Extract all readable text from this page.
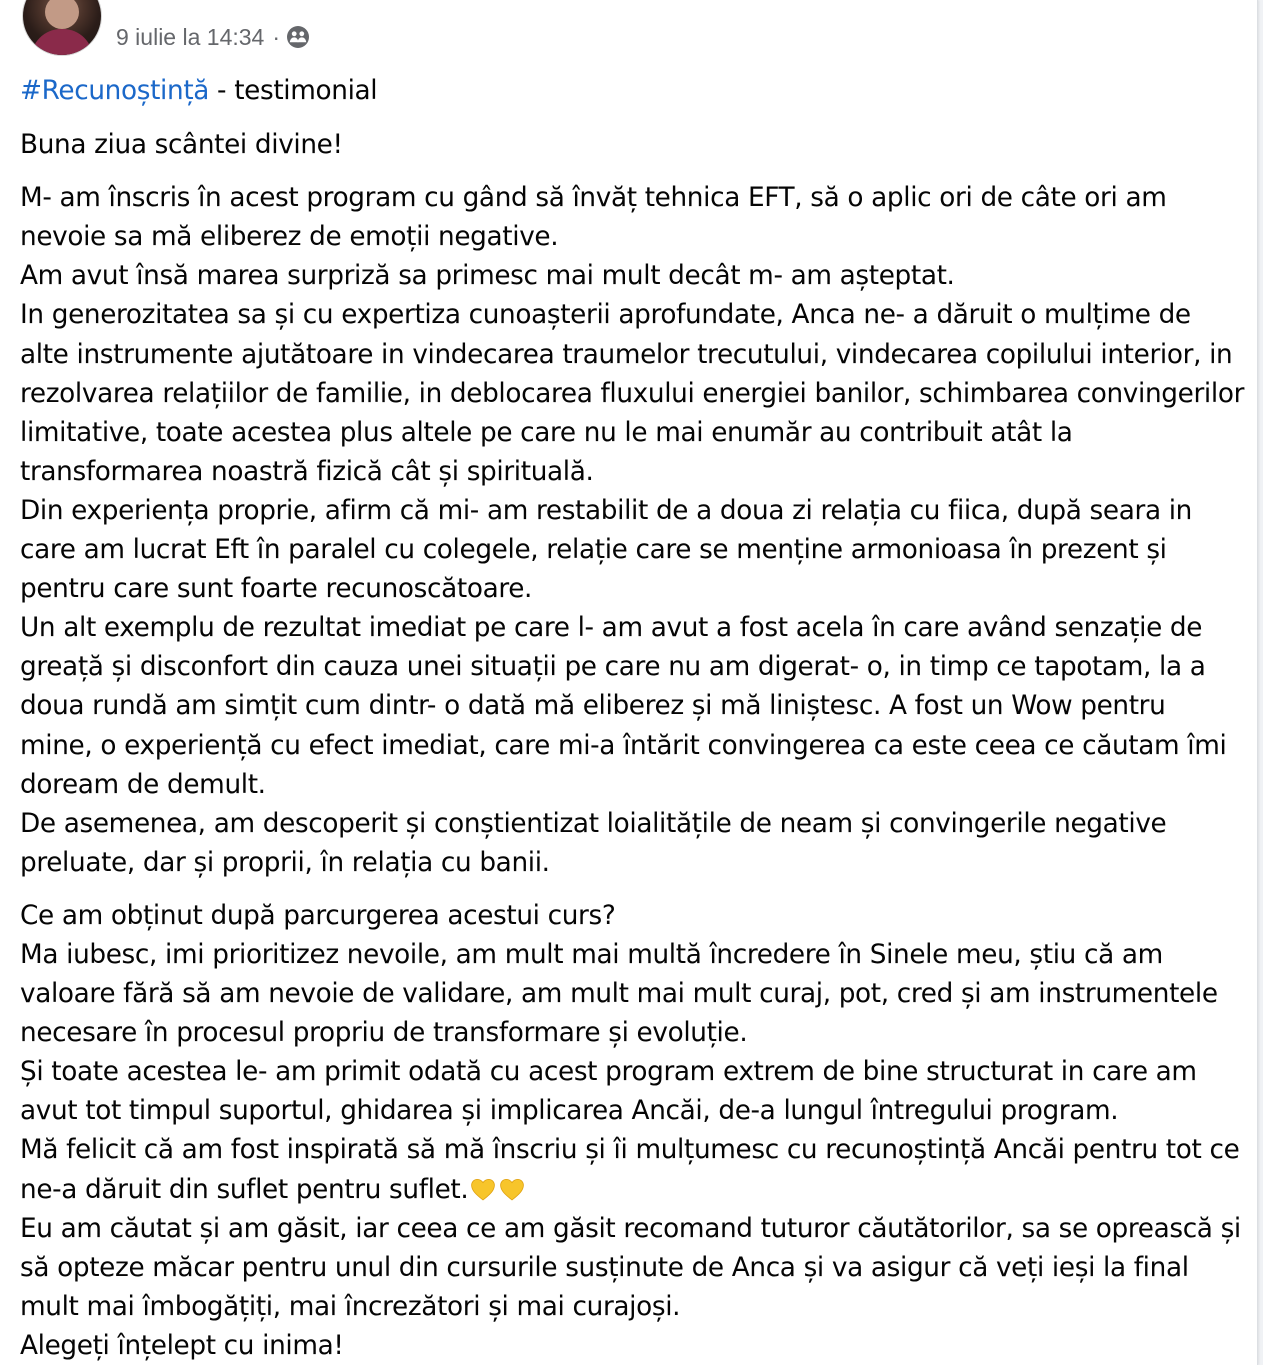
9 iulie la 14:34 ·

#Recunoștință - testimonial

Buna ziua scântei divine!

M- am înscris în acest program cu gând să învăț tehnica EFT, să o aplic ori de câte ori am nevoie sa mă eliberez de emoții negative.
Am avut însă marea surpriză sa primesc mai mult decât m- am așteptat.
In generozitatea sa și cu expertiza cunoașterii aprofundate, Anca ne- a dăruit o mulțime de alte instrumente ajutătoare in vindecarea traumelor trecutului, vindecarea copilului interior, in rezolvarea relațiilor de familie, in deblocarea fluxului energiei banilor, schimbarea convingerilor limitative, toate acestea plus altele pe care nu le mai enumăr au contribuit atât la transformarea noastră fizică cât și spirituală.
Din experiența proprie, afirm că mi- am restabilit de a doua zi relația cu fiica, după seara in care am lucrat Eft în paralel cu colegele, relație care se menține armonioasa în prezent și pentru care sunt foarte recunoscătoare.
Un alt exemplu de rezultat imediat pe care l- am avut a fost acela în care având senzație de greață și disconfort din cauza unei situații pe care nu am digerat- o, in timp ce tapotam, la a doua rundă am simțit cum dintr- o dată mă eliberez și mă liniștesc. A fost un Wow pentru mine, o experiență cu efect imediat, care mi-a întărit convingerea ca este ceea ce căutam îmi doream de demult.
De asemenea, am descoperit și conștientizat loialitățile de neam și convingerile negative preluate, dar și proprii, în relația cu banii.

Ce am obținut după parcurgerea acestui curs?
Ma iubesc, imi prioritizez nevoile, am mult mai multă încredere în Sinele meu, știu că am valoare fără să am nevoie de validare, am mult mai mult curaj, pot, cred și am instrumentele necesare în procesul propriu de transformare și evoluție.
Și toate acestea le- am primit odată cu acest program extrem de bine structurat in care am avut tot timpul suportul, ghidarea și implicarea Ancăi, de-a lungul întregului program.
Mă felicit că am fost inspirată să mă înscriu și îi mulțumesc cu recunoștință Ancăi pentru tot ce ne-a dăruit din suflet pentru suflet.
Eu am căutat și am găsit, iar ceea ce am găsit recomand tuturor căutătorilor, sa se oprească și să opteze măcar pentru unul din cursurile susținute de Anca și va asigur că veți ieși la final mult mai îmbogățiți, mai încrezători și mai curajoși.
Alegeți înțelept cu inima!
